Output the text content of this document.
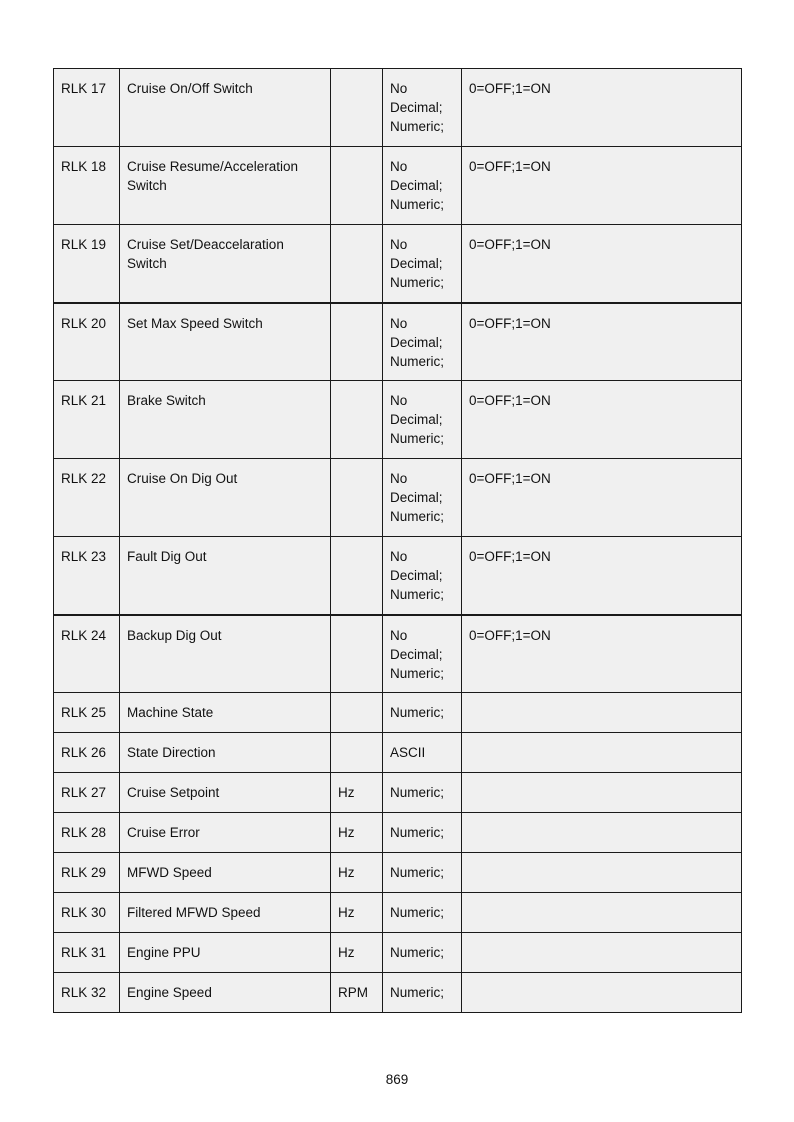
RLK 17	Cruise On/Off Switch		No
Decimal;
Numeric;	0=OFF;1=ON
RLK 18	Cruise Resume/Acceleration Switch		No
Decimal;
Numeric;	0=OFF;1=ON
RLK 19	Cruise Set/Deaccelaration Switch		No
Decimal;
Numeric;	0=OFF;1=ON
RLK 20	Set Max Speed Switch		No
Decimal;
Numeric;	0=OFF;1=ON
RLK 21	Brake Switch		No
Decimal;
Numeric;	0=OFF;1=ON
RLK 22	Cruise On Dig Out		No
Decimal;
Numeric;	0=OFF;1=ON
RLK 23	Fault Dig Out		No
Decimal;
Numeric;	0=OFF;1=ON
RLK 24	Backup Dig Out		No
Decimal;
Numeric;	0=OFF;1=ON
RLK 25	Machine State		Numeric;	

RLK 26	State Direction		ASCII	

RLK 27	Cruise Setpoint	Hz	Numeric;	

RLK 28	Cruise Error	Hz	Numeric;	

RLK 29	MFWD Speed	Hz	Numeric;	

RLK 30	Filtered MFWD Speed	Hz	Numeric;	

RLK 31	Engine PPU	Hz	Numeric;	

RLK 32	Engine Speed	RPM	Numeric;	

869
